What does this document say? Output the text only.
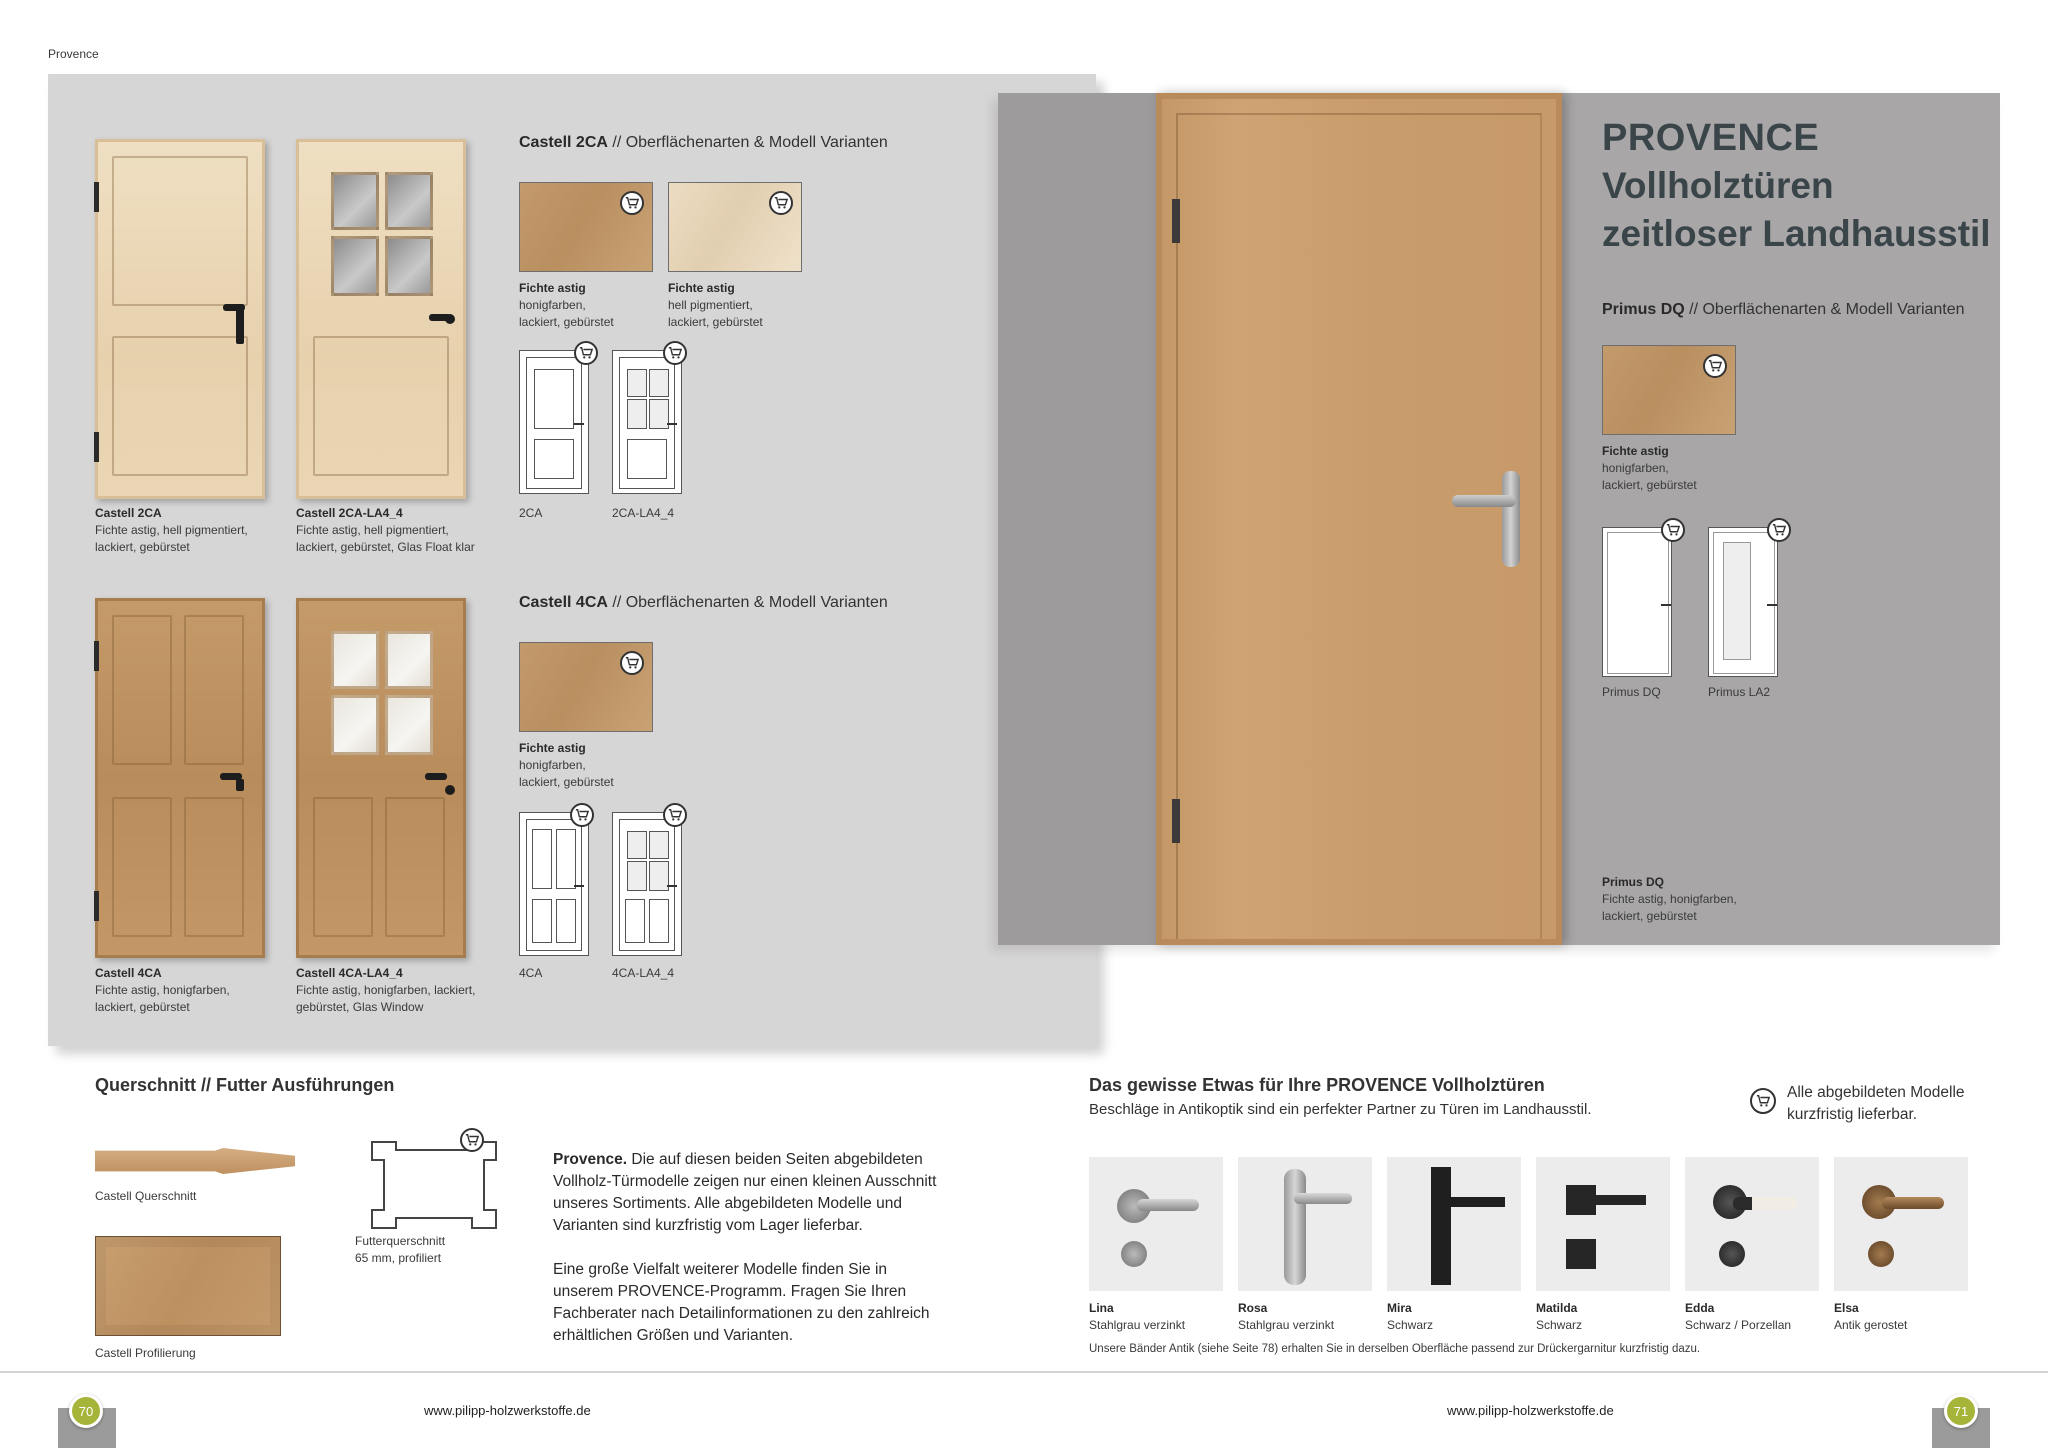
Provence
Castell 2CA
Fichte astig, hell pigmentiert,
lackiert, gebürstet
Castell 2CA-LA4_4
Fichte astig, hell pigmentiert,
lackiert, gebürstet, Glas Float klar
Castell 2CA // Oberflächenarten & Modell Varianten
Fichte astig
honigfarben,
lackiert, gebürstet
Fichte astig
hell pigmentiert,
lackiert, gebürstet
2CA	2CA-LA4_4
Castell 4CA
Fichte astig, honigfarben,
lackiert, gebürstet
Castell 4CA-LA4_4
Fichte astig, honigfarben, lackiert,
gebürstet, Glas Window
Castell 4CA // Oberflächenarten & Modell Varianten
Fichte astig
honigfarben,
lackiert, gebürstet
4CA	4CA-LA4_4
PROVENCE
Vollholztüren
zeitloser Landhausstil
Primus DQ // Oberflächenarten & Modell Varianten
Fichte astig
honigfarben,
lackiert, gebürstet
Primus DQ	Primus LA2
Primus DQ
Fichte astig, honigfarben,
lackiert, gebürstet
Querschnitt // Futter Ausführungen
Castell Querschnitt
Castell Profilierung
Futterquerschnitt
65 mm, profiliert
Provence. Die auf diesen beiden Seiten abgebildeten
Vollholz-Türmodelle zeigen nur einen kleinen Ausschnitt
unseres Sortiments. Alle abgebildeten Modelle und
Varianten sind kurzfristig vom Lager lieferbar.
Eine große Vielfalt weiterer Modelle finden Sie in
unserem PROVENCE-Programm. Fragen Sie Ihren
Fachberater nach Detailinformationen zu den zahlreich
erhältlichen Größen und Varianten.
Das gewisse Etwas für Ihre PROVENCE Vollholztüren
Beschläge in Antikoptik sind ein perfekter Partner zu Türen im Landhausstil.
Alle abgebildeten Modelle
kurzfristig lieferbar.
Lina
Stahlgrau verzinkt
Rosa
Stahlgrau verzinkt
Mira
Schwarz
Matilda
Schwarz
Edda
Schwarz / Porzellan
Elsa
Antik gerostet
Unsere Bänder Antik (siehe Seite 78) erhalten Sie in derselben Oberfläche passend zur Drückergarnitur kurzfristig dazu.
70	www.pilipp-holzwerkstoffe.de	www.pilipp-holzwerkstoffe.de	71
